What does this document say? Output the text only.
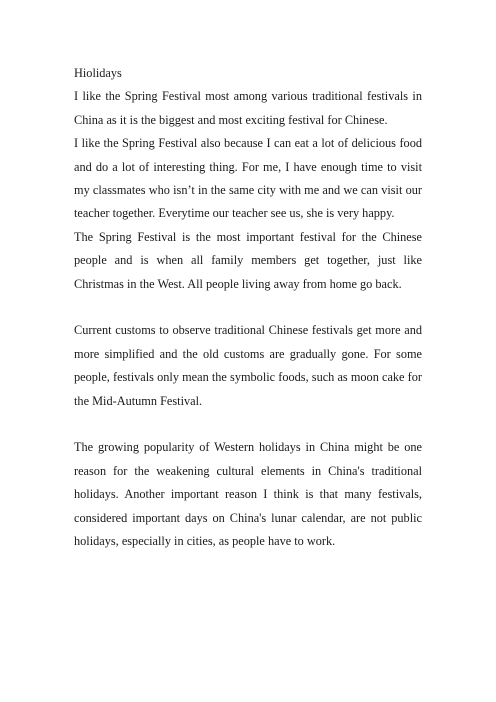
Hiolidays

I like the Spring Festival most among various traditional festivals in China as it is the biggest and most exciting festival for Chinese.

I like the Spring Festival also because I can eat a lot of delicious food and do a lot of interesting thing. For me, I have enough time to visit my classmates who isn’t in the same city with me and we can visit our teacher together. Everytime our teacher see us, she is very happy.

The Spring Festival is the most important festival for the Chinese people and is when all family members get together, just like Christmas in the West. All people living away from home go back.

Current customs to observe traditional Chinese festivals get more and more simplified and the old customs are gradually gone. For some people, festivals only mean the symbolic foods, such as moon cake for the Mid-Autumn Festival.

The growing popularity of Western holidays in China might be one reason for the weakening cultural elements in China's traditional holidays. Another important reason I think is that many festivals, considered important days on China's lunar calendar, are not public holidays, especially in cities, as people have to work.
